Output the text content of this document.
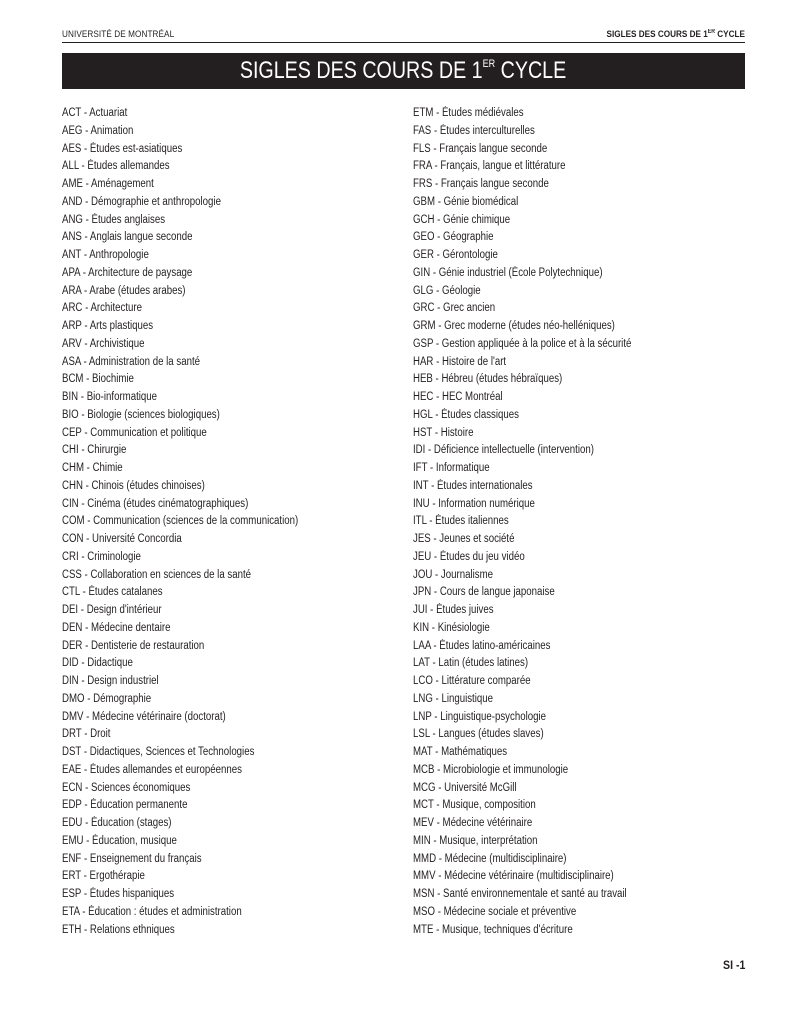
UNIVERSITÉ DE MONTRÉAL	SIGLES DES COURS DE 1ER CYCLE
SIGLES DES COURS DE 1ER CYCLE
ACT - Actuariat
AEG - Animation
AES - Études est-asiatiques
ALL - Études allemandes
AME - Aménagement
AND - Démographie et anthropologie
ANG - Études anglaises
ANS - Anglais langue seconde
ANT - Anthropologie
APA - Architecture de paysage
ARA - Arabe (études arabes)
ARC - Architecture
ARP - Arts plastiques
ARV - Archivistique
ASA - Administration de la santé
BCM - Biochimie
BIN - Bio-informatique
BIO - Biologie (sciences biologiques)
CEP - Communication et politique
CHI - Chirurgie
CHM - Chimie
CHN - Chinois (études chinoises)
CIN - Cinéma (études cinématographiques)
COM - Communication (sciences de la communication)
CON - Université Concordia
CRI - Criminologie
CSS - Collaboration en sciences de la santé
CTL - Études catalanes
DEI - Design d'intérieur
DEN - Médecine dentaire
DER - Dentisterie de restauration
DID - Didactique
DIN - Design industriel
DMO - Démographie
DMV - Médecine vétérinaire (doctorat)
DRT - Droit
DST - Didactiques, Sciences et Technologies
EAE - Études allemandes et européennes
ECN - Sciences économiques
EDP - Éducation permanente
EDU - Éducation (stages)
EMU - Éducation, musique
ENF - Enseignement du français
ERT - Ergothérapie
ESP - Études hispaniques
ETA - Éducation : études et administration
ETH - Relations ethniques
ETM - Études médiévales
FAS - Études interculturelles
FLS - Français langue seconde
FRA - Français, langue et littérature
FRS - Français langue seconde
GBM - Génie biomédical
GCH - Génie chimique
GEO - Géographie
GER - Gérontologie
GIN - Génie industriel (École Polytechnique)
GLG - Géologie
GRC - Grec ancien
GRM - Grec moderne (études néo-helléniques)
GSP - Gestion appliquée à la police et à la sécurité
HAR - Histoire de l'art
HEB - Hébreu (études hébraïques)
HEC - HEC Montréal
HGL - Études classiques
HST - Histoire
IDI - Déficience intellectuelle (intervention)
IFT - Informatique
INT - Études internationales
INU - Information numérique
ITL - Études italiennes
JES - Jeunes et société
JEU - Études du jeu vidéo
JOU - Journalisme
JPN - Cours de langue japonaise
JUI - Études juives
KIN - Kinésiologie
LAA - Études latino-américaines
LAT - Latin (études latines)
LCO - Littérature comparée
LNG - Linguistique
LNP - Linguistique-psychologie
LSL - Langues (études slaves)
MAT - Mathématiques
MCB - Microbiologie et immunologie
MCG - Université McGill
MCT - Musique, composition
MEV - Médecine vétérinaire
MIN - Musique, interprétation
MMD - Médecine (multidisciplinaire)
MMV - Médecine vétérinaire (multidisciplinaire)
MSN - Santé environnementale et santé au travail
MSO - Médecine sociale et préventive
MTE - Musique, techniques d'écriture
SI -1
